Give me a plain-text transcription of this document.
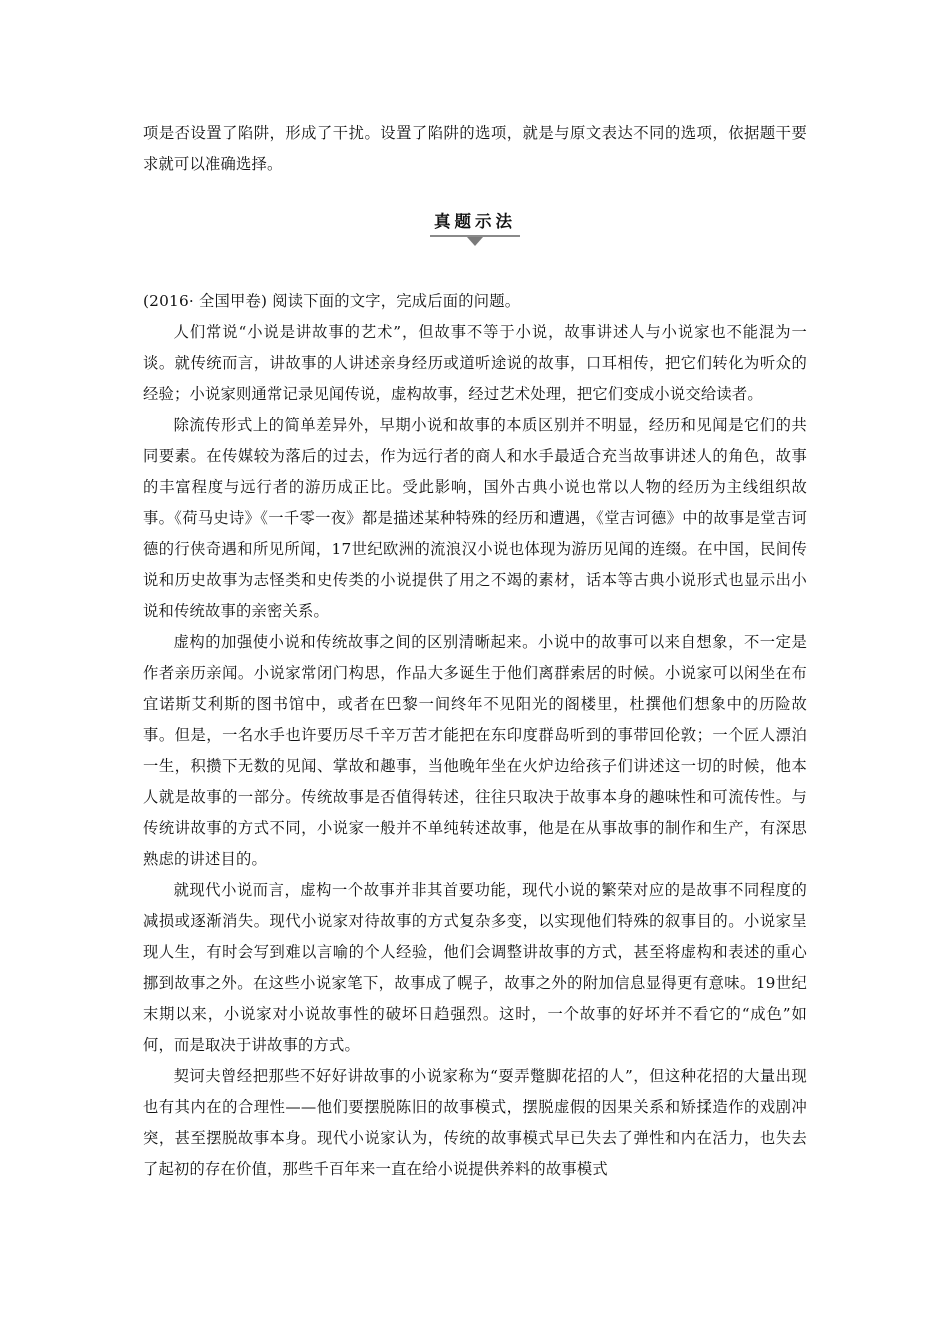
项是否设置了陷阱，形成了干扰。设置了陷阱的选项，就是与原文表达不同的选项，依据题干要求就可以准确选择。

真题示法

(2016· 全国甲卷) 阅读下面的文字，完成后面的问题。

人们常说“小说是讲故事的艺术”，但故事不等于小说，故事讲述人与小说家也不能混为一谈。就传统而言，讲故事的人讲述亲身经历或道听途说的故事，口耳相传，把它们转化为听众的经验；小说家则通常记录见闻传说，虚构故事，经过艺术处理，把它们变成小说交给读者。

除流传形式上的简单差异外，早期小说和故事的本质区别并不明显，经历和见闻是它们的共同要素。在传媒较为落后的过去，作为远行者的商人和水手最适合充当故事讲述人的角色，故事的丰富程度与远行者的游历成正比。受此影响，国外古典小说也常以人物的经历为主线组织故事。《荷马史诗》《一千零一夜》都是描述某种特殊的经历和遭遇，《堂吉诃德》中的故事是堂吉诃德的行侠奇遇和所见所闻，17世纪欧洲的流浪汉小说也体现为游历见闻的连缀。在中国，民间传说和历史故事为志怪类和史传类的小说提供了用之不竭的素材，话本等古典小说形式也显示出小说和传统故事的亲密关系。

虚构的加强使小说和传统故事之间的区别清晰起来。小说中的故事可以来自想象，不一定是作者亲历亲闻。小说家常闭门构思，作品大多诞生于他们离群索居的时候。小说家可以闲坐在布宜诺斯艾利斯的图书馆中，或者在巴黎一间终年不见阳光的阁楼里，杜撰他们想象中的历险故事。但是，一名水手也许要历尽千辛万苦才能把在东印度群岛听到的事带回伦敦；一个匠人漂泊一生，积攒下无数的见闻、掌故和趣事，当他晚年坐在火炉边给孩子们讲述这一切的时候，他本人就是故事的一部分。传统故事是否值得转述，往往只取决于故事本身的趣味性和可流传性。与传统讲故事的方式不同，小说家一般并不单纯转述故事，他是在从事故事的制作和生产，有深思熟虑的讲述目的。

就现代小说而言，虚构一个故事并非其首要功能，现代小说的繁荣对应的是故事不同程度的减损或逐渐消失。现代小说家对待故事的方式复杂多变，以实现他们特殊的叙事目的。小说家呈现人生，有时会写到难以言喻的个人经验，他们会调整讲故事的方式，甚至将虚构和表述的重心挪到故事之外。在这些小说家笔下，故事成了幌子，故事之外的附加信息显得更有意味。19世纪末期以来，小说家对小说故事性的破坏日趋强烈。这时，一个故事的好坏并不看它的“成色”如何，而是取决于讲故事的方式。

契诃夫曾经把那些不好好讲故事的小说家称为“耍弄蹩脚花招的人”，但这种花招的大量出现也有其内在的合理性——他们要摆脱陈旧的故事模式，摆脱虚假的因果关系和矫揉造作的戏剧冲突，甚至摆脱故事本身。现代小说家认为，传统的故事模式早已失去了弹性和内在活力，也失去了起初的存在价值，那些千百年来一直在给小说提供养料的故事模式
